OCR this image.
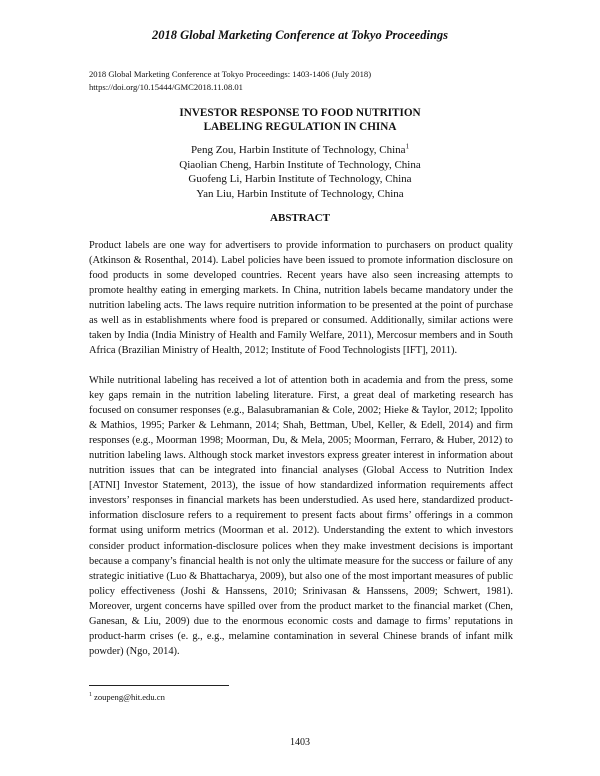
2018 Global Marketing Conference at Tokyo Proceedings
2018 Global Marketing Conference at Tokyo Proceedings: 1403-1406 (July 2018)
https://doi.org/10.15444/GMC2018.11.08.01
INVESTOR RESPONSE TO FOOD NUTRITION
LABELING REGULATION IN CHINA
Peng Zou, Harbin Institute of Technology, China$^1$
Qiaolian Cheng, Harbin Institute of Technology, China
Guofeng Li, Harbin Institute of Technology, China
Yan Liu, Harbin Institute of Technology, China
ABSTRACT

Product labels are one way for advertisers to provide information to purchasers on product quality (Atkinson & Rosenthal, 2014). Label policies have been issued to promote information disclosure on food products in some developed countries. Recent years have also seen increasing attempts to promote healthy eating in emerging markets. In China, nutrition labels became mandatory under the nutrition labeling acts. The laws require nutrition information to be presented at the point of purchase as well as in establishments where food is prepared or consumed. Additionally, similar actions were taken by India (India Ministry of Health and Family Welfare, 2011), Mercosur members and in South Africa (Brazilian Ministry of Health, 2012; Institute of Food Technologists [IFT], 2011).

While nutritional labeling has received a lot of attention both in academia and from the press, some key gaps remain in the nutrition labeling literature. First, a great deal of marketing research has focused on consumer responses (e.g., Balasubramanian & Cole, 2002; Hieke & Taylor, 2012; Ippolito & Mathios, 1995; Parker & Lehmann, 2014; Shah, Bettman, Ubel, Keller, & Edell, 2014) and firm responses (e.g., Moorman 1998; Moorman, Du, & Mela, 2005; Moorman, Ferraro, & Huber, 2012) to nutrition labeling laws. Although stock market investors express greater interest in information about nutrition issues that can be integrated into financial analyses (Global Access to Nutrition Index [ATNI] Investor Statement, 2013), the issue of how standardized information requirements affect investors’ responses in financial markets has been understudied. As used here, standardized product-information disclosure refers to a requirement to present facts about firms’ offerings in a common format using uniform metrics (Moorman et al. 2012). Understanding the extent to which investors consider product information-disclosure polices when they make investment decisions is important because a company’s financial health is not only the ultimate measure for the success or failure of any strategic initiative (Luo & Bhattacharya, 2009), but also one of the most important measures of public policy effectiveness (Joshi & Hanssens, 2010; Srinivasan & Hanssens, 2009; Schwert, 1981). Moreover, urgent concerns have spilled over from the product market to the financial market (Chen, Ganesan, & Liu, 2009) due to the enormous economic costs and damage to firms’ reputations in product-harm crises (e. g., e.g., melamine contamination in several Chinese brands of infant milk powder) (Ngo, 2014).

$^1$ zoupeng@hit.edu.cn
1403
